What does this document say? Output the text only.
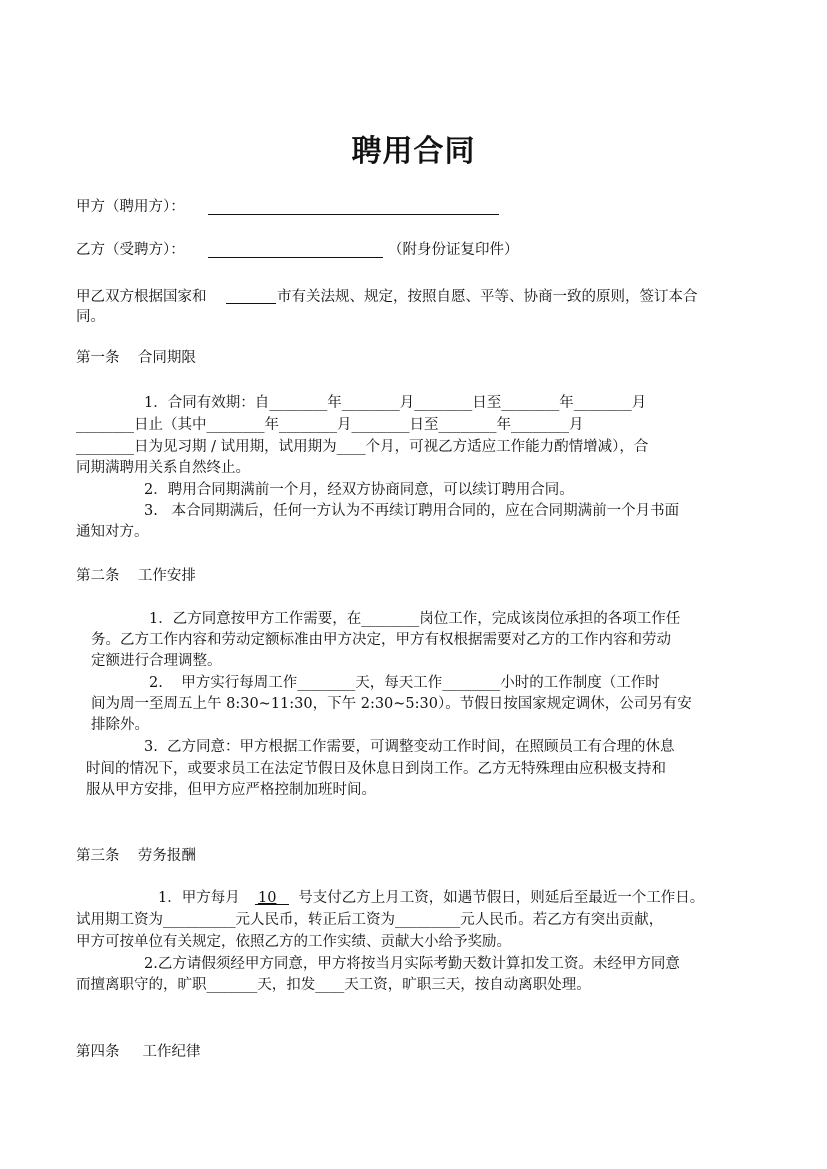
聘用合同
甲方（聘用方）：
乙方（受聘方）：	（附身份证复印件）
甲乙双方根据国家和	市有关法规、规定，按照自愿、平等、协商一致的原则，签订本合
同。
第一条    合同期限
1．合同有效期：自________年________月________日至________年________月
________日止（其中________年________月________日至________年________月
________日为见习期 / 试用期，试用期为____个月，可视乙方适应工作能力酌情增减），合
同期满聘用关系自然终止。
2．聘用合同期满前一个月，经双方协商同意，可以续订聘用合同。
3.   本合同期满后，任何一方认为不再续订聘用合同的，应在合同期满前一个月书面
通知对方。
第二条    工作安排
1．乙方同意按甲方工作需要，在________岗位工作，完成该岗位承担的各项工作任
务。乙方工作内容和劳动定额标准由甲方决定，甲方有权根据需要对乙方的工作内容和劳动
定额进行合理调整。
2.    甲方实行每周工作________天，每天工作________小时的工作制度（工作时
间为周一至周五上午 8:30~11:30，下午 2:30~5:30）。节假日按国家规定调休，公司另有安
排除外。
3.  乙方同意：甲方根据工作需要，可调整变动工作时间，在照顾员工有合理的休息
时间的情况下，或要求员工在法定节假日及休息日到岗工作。乙方无特殊理由应积极支持和
服从甲方安排，但甲方应严格控制加班时间。
第三条    劳务报酬
1．甲方每月 10 号支付乙方上月工资，如遇节假日，则延后至最近一个工作日。
试用期工资为__________元人民币，转正后工资为_________元人民币。若乙方有突出贡献，
甲方可按单位有关规定，依照乙方的工作实绩、贡献大小给予奖励。
2.乙方请假须经甲方同意，甲方将按当月实际考勤天数计算扣发工资。未经甲方同意
而擅离职守的，旷职_______天，扣发____天工资，旷职三天，按自动离职处理。
第四条     工作纪律
